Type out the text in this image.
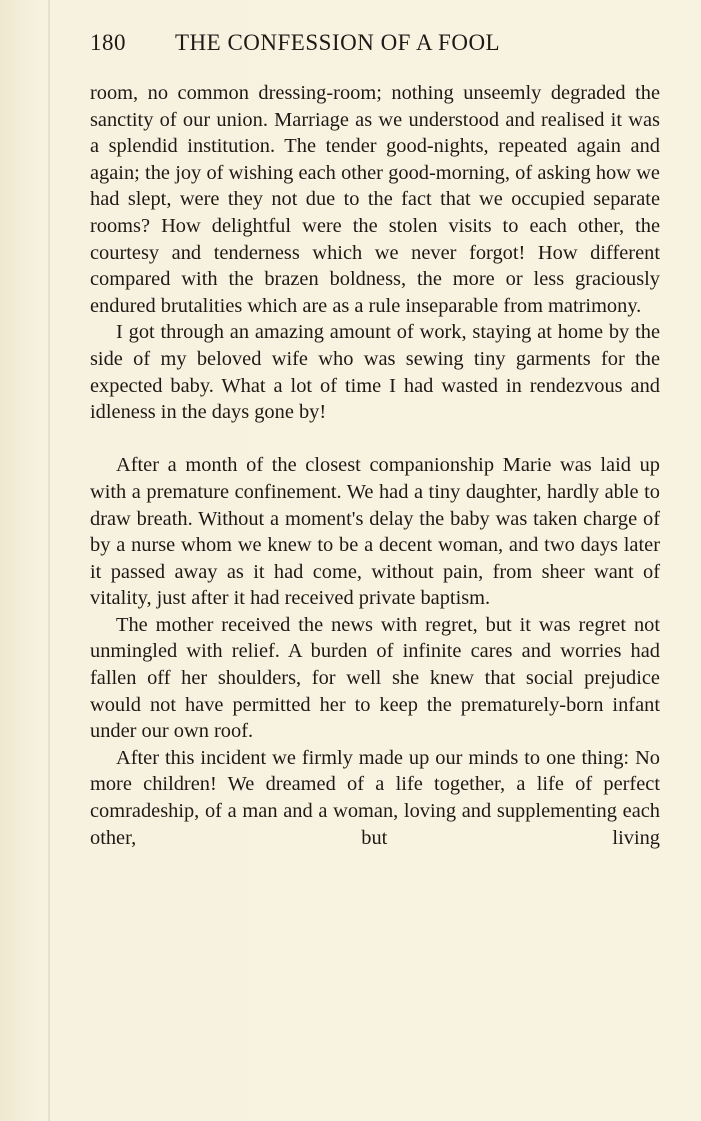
180 THE CONFESSION OF A FOOL

room, no common dressing-room; nothing unseemly degraded the sanctity of our union. Marriage as we understood and realised it was a splendid institution. The tender good-nights, repeated again and again; the joy of wishing each other good-morning, of asking how we had slept, were they not due to the fact that we occupied separate rooms? How delightful were the stolen visits to each other, the courtesy and tenderness which we never forgot! How different compared with the brazen boldness, the more or less graciously endured brutalities which are as a rule inseparable from matrimony.

I got through an amazing amount of work, staying at home by the side of my beloved wife who was sewing tiny garments for the expected baby. What a lot of time I had wasted in rendezvous and idleness in the days gone by!

After a month of the closest companionship Marie was laid up with a premature confinement. We had a tiny daughter, hardly able to draw breath. Without a moment's delay the baby was taken charge of by a nurse whom we knew to be a decent woman, and two days later it passed away as it had come, without pain, from sheer want of vitality, just after it had received private baptism.

The mother received the news with regret, but it was regret not unmingled with relief. A burden of infinite cares and worries had fallen off her shoulders, for well she knew that social prejudice would not have permitted her to keep the prematurely-born infant under our own roof.

After this incident we firmly made up our minds to one thing: No more children! We dreamed of a life together, a life of perfect comradeship, of a man and a woman, loving and supplementing each other, but living
